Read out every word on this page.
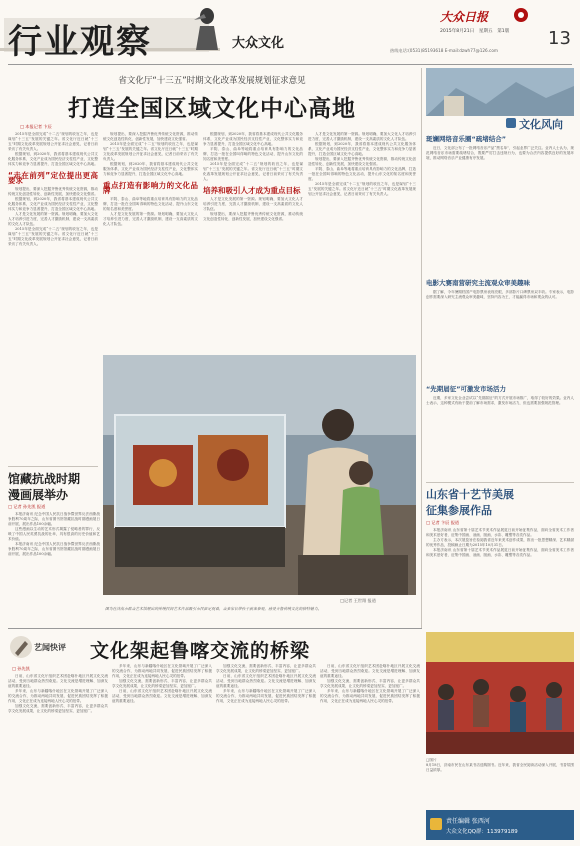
行业观察	大众文化
大众日报
2015年8月21日　星期五　第1版
热线电话:(0531)85193618 E-mail:dzwh77@126.com
13
省文化厅“十三五”时期文化改革发展规划征求意见
打造全国区域文化中心高地
□ 本报记者 卞辰

2015年是全面完成“十二五”规划的收官之年，也是谋划“十三五”发展的关键之年。省文化厅近日就“十三五”时期文化改革发展规划公开征求社会意见，记者日前采访了有关负责人。

根据规划，到2020年，我省将基本建成现代公共文化服务体系，文化产业成为国民经济支柱性产业，文化整体实力和竞争力显著提升，打造全国区域文化中心高地。

“走在前列”定位提出更高要求

规划提出，要深入挖掘齐鲁优秀传统文化资源，推动传统文化创造性转化、创新性发展，加快建设文化强省。

根据规划，到2020年，我省将基本建成现代公共文化服务体系，文化产业成为国民经济支柱性产业，文化整体实力和竞争力显著提升，打造全国区域文化中心高地。

人才是文化发展的第一资源。规划明确，要加大文化人才培养引进力度，完善人才激励机制，建设一支高素质的文化人才队伍。

2015年是全面完成“十二五”规划的收官之年，也是谋划“十三五”发展的关键之年。省文化厅近日就“十三五”时期文化改革发展规划公开征求社会意见，记者日前采访了有关负责人。

规划提出，要深入挖掘齐鲁优秀传统文化资源，推动传统文化创造性转化、创新性发展，加快建设文化强省。

2015年是全面完成“十二五”规划的收官之年，也是谋划“十三五”发展的关键之年。省文化厅近日就“十三五”时期文化改革发展规划公开征求社会意见，记者日前采访了有关负责人。

根据规划，到2020年，我省将基本建成现代公共文化服务体系，文化产业成为国民经济支柱性产业，文化整体实力和竞争力显著提升，打造全国区域文化中心高地。

重点打造有影响力的文化品牌

平阴、泰山、曲阜等地将重点培育具有影响力的文化品牌，打造一批在全国叫得响的特色文化活动，提升山东文化的知名度和美誉度。

人才是文化发展的第一资源。规划明确，要加大文化人才培养引进力度，完善人才激励机制，建设一支高素质的文化人才队伍。

根据规划，到2020年，我省将基本建成现代公共文化服务体系，文化产业成为国民经济支柱性产业，文化整体实力和竞争力显著提升，打造全国区域文化中心高地。

平阴、泰山、曲阜等地将重点培育具有影响力的文化品牌，打造一批在全国叫得响的特色文化活动，提升山东文化的知名度和美誉度。

2015年是全面完成“十二五”规划的收官之年，也是谋划“十三五”发展的关键之年。省文化厅近日就“十三五”时期文化改革发展规划公开征求社会意见，记者日前采访了有关负责人。

培养和吸引人才成为重点目标

人才是文化发展的第一资源。规划明确，要加大文化人才培养引进力度，完善人才激励机制，建设一支高素质的文化人才队伍。

规划提出，要深入挖掘齐鲁优秀传统文化资源，推动传统文化创造性转化、创新性发展，加快建设文化强省。

人才是文化发展的第一资源。规划明确，要加大文化人才培养引进力度，完善人才激励机制，建设一支高素质的文化人才队伍。

根据规划，到2020年，我省将基本建成现代公共文化服务体系，文化产业成为国民经济支柱性产业，文化整体实力和竞争力显著提升，打造全国区域文化中心高地。

规划提出，要深入挖掘齐鲁优秀传统文化资源，推动传统文化创造性转化、创新性发展，加快建设文化强省。

平阴、泰山、曲阜等地将重点培育具有影响力的文化品牌，打造一批在全国叫得响的特色文化活动，提升山东文化的知名度和美誉度。

2015年是全面完成“十二五”规划的收官之年，也是谋划“十三五”发展的关键之年。省文化厅近日就“十三五”时期文化改革发展规划公开征求社会意见，记者日前采访了有关负责人。

馆藏抗战时期
漫画展举办
□ 记者 孙先凯 报道

本报济南讯 纪念中国人民抗日战争暨世界反法西斯战争胜利70周年之际，山东省图书馆馆藏抗战时期漫画展日前开展，展出作品100余幅。

这些漫画以生动的艺术形式揭露了侵略者的罪行，反映了中国人民英勇抗战的壮举，具有很高的历史价值和艺术价值。

本报济南讯 纪念中国人民抗日战争暨世界反法西斯战争胜利70周年之际，山东省图书馆馆藏抗战时期漫画展日前开展，展出作品100余幅。

□记者 王世翔 报道
图为在济南市群众艺术馆展出的传统民间艺术作品吸引市民驻足观看，众多家长带孩子前来参观，感受齐鲁传统文化的独特魅力。
文化风向
斑斓网络音乐圈“疏堵结合”
近日，文化部公布了一批网络音乐产品“黑名单”，引起业界广泛关注。业内人士认为，规范网络音乐市场需要疏堵结合，既要严厉打击违规行为，也要为合法内容提供良好的发展环境，推动网络音乐产业健康有序发展。
电影大赛南营研究主流观众审美趣味
据了解，今年暑期档国产电影票房表现亮眼，多部影片口碑票房双丰收。专家表示，电影创作需要深入研究主流观众审美趣味，坚持内容为王，才能赢得市场和观众的认可。
“先期届征”可激发市场活力
近期，多家文化企业尝试以“先期届征”的方式开展市场推广，取得了较好的效果。业内人士表示，这种模式有助于提前了解市场需求，激发市场活力，但也需要加强规范管理。
山东省十艺节美展
征集参展作品
□ 记者 卞辰 报道

本报济南讯 山东省第十届艺术节美术作品展览日前开始征集作品，面向全省美术工作者和美术爱好者，征集中国画、油画、版画、水彩、雕塑等各类作品。

主办方表示，本次展览旨在检阅我省近年来美术创作成果，推出一批思想精深、艺术精湛的优秀作品，投稿截止日期为2015年10月31日。

本报济南讯 山东省第十届艺术节美术作品展览日前开始征集作品，面向全省美术工作者和美术爱好者，征集中国画、油画、版画、水彩、雕塑等各类作品。

艺闻快评 文化架起鲁喀交流的桥梁
□ 孙先凯

日前，山东省文化厅组织艺术团赴喀什地区开展文化交流活动，受到当地群众热烈欢迎。文化交流是增进理解、加深友谊的重要途径。

多年来，山东与新疆喀什地区在文化领域开展了广泛深入的交流合作，为推动两地共同发展、促进民族团结发挥了积极作用，文化正在成为连接两地人民心灵的纽带。

加强文化交流，需要创新形式、丰富内容，让更多群众共享文化发展成果，让文化的桥梁更加坚实、更加宽广。

多年来，山东与新疆喀什地区在文化领域开展了广泛深入的交流合作，为推动两地共同发展、促进民族团结发挥了积极作用，文化正在成为连接两地人民心灵的纽带。

加强文化交流，需要创新形式、丰富内容，让更多群众共享文化发展成果，让文化的桥梁更加坚实、更加宽广。

日前，山东省文化厅组织艺术团赴喀什地区开展文化交流活动，受到当地群众热烈欢迎。文化交流是增进理解、加深友谊的重要途径。

加强文化交流，需要创新形式、丰富内容，让更多群众共享文化发展成果，让文化的桥梁更加坚实、更加宽广。

日前，山东省文化厅组织艺术团赴喀什地区开展文化交流活动，受到当地群众热烈欢迎。文化交流是增进理解、加深友谊的重要途径。

多年来，山东与新疆喀什地区在文化领域开展了广泛深入的交流合作，为推动两地共同发展、促进民族团结发挥了积极作用，文化正在成为连接两地人民心灵的纽带。

日前，山东省文化厅组织艺术团赴喀什地区开展文化交流活动，受到当地群众热烈欢迎。文化交流是增进理解、加深友谊的重要途径。

加强文化交流，需要创新形式、丰富内容，让更多群众共享文化发展成果，让文化的桥梁更加坚实、更加宽广。

多年来，山东与新疆喀什地区在文化领域开展了广泛深入的交流合作，为推动两地共同发展、促进民族团结发挥了积极作用，文化正在成为连接两地人民心灵的纽带。

□图片
8月18日，济南市民在山东某书店选购图书。近年来，我省全民阅读活动深入开展，书香氛围日益浓厚。
责任编辑 张西河
大众文化QQ群：113979189
